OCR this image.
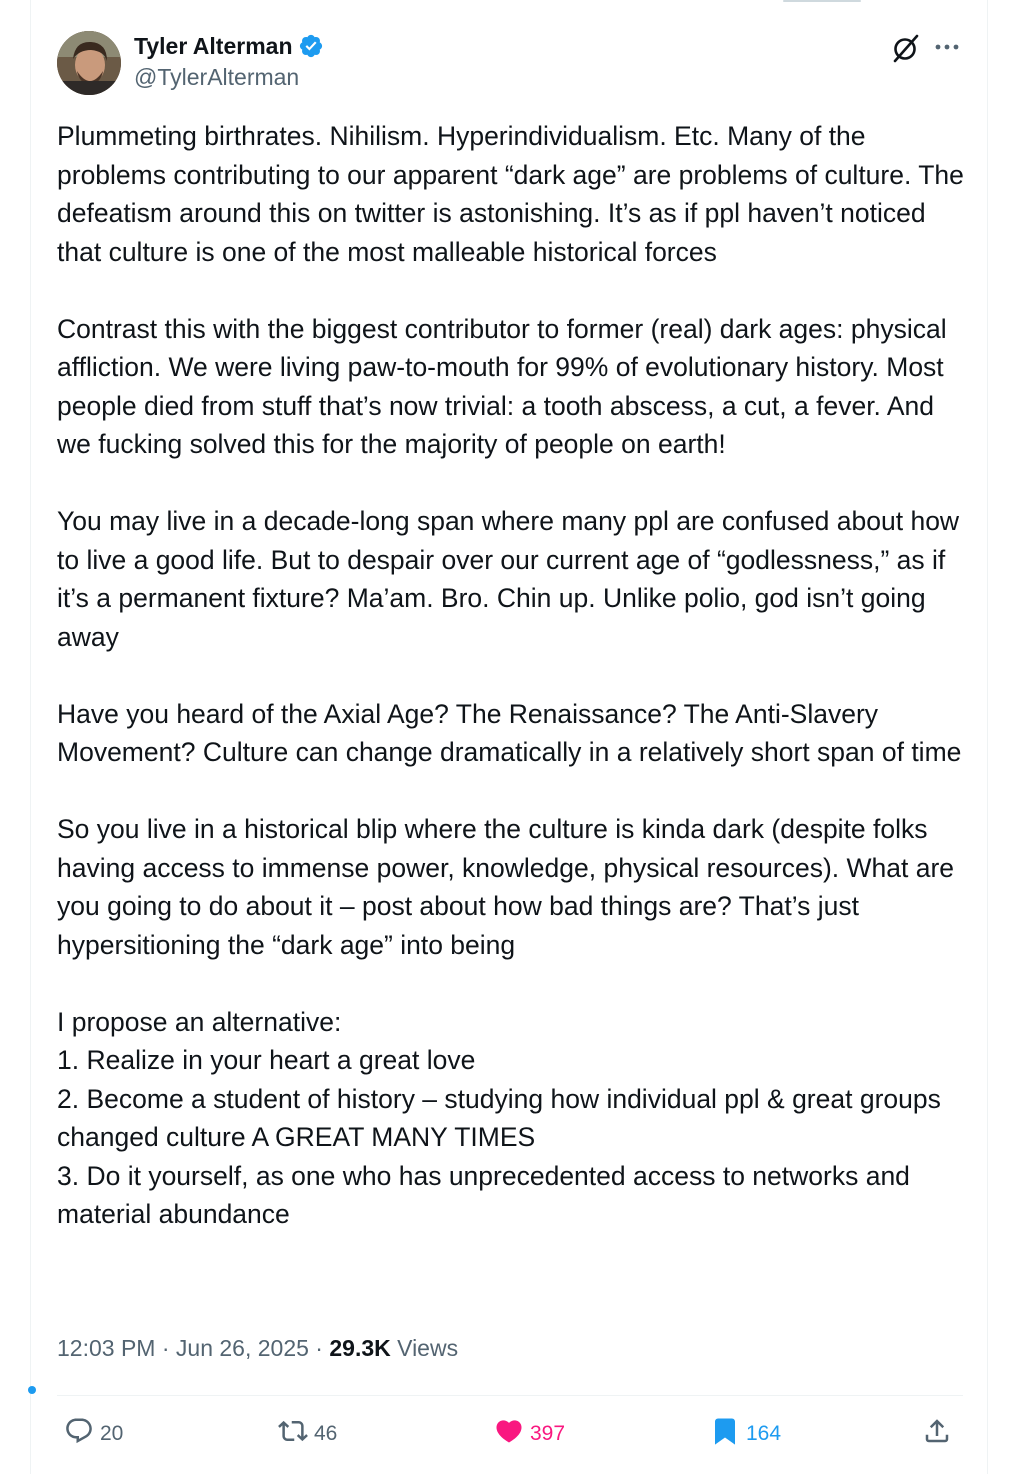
Tyler Alterman
@TylerAlterman

Plummeting birthrates. Nihilism. Hyperindividualism. Etc. Many of the problems contributing to our apparent “dark age” are problems of culture. The defeatism around this on twitter is astonishing. It’s as if ppl haven’t noticed that culture is one of the most malleable historical forces

Contrast this with the biggest contributor to former (real) dark ages: physical affliction. We were living paw-to-mouth for 99% of evolutionary history. Most people died from stuff that’s now trivial: a tooth abscess, a cut, a fever. And we fucking solved this for the majority of people on earth!

You may live in a decade-long span where many ppl are confused about how to live a good life. But to despair over our current age of “godlessness,” as if it’s a permanent fixture? Ma’am. Bro. Chin up. Unlike polio, god isn’t going away

Have you heard of the Axial Age? The Renaissance? The Anti-Slavery Movement? Culture can change dramatically in a relatively short span of time

So you live in a historical blip where the culture is kinda dark (despite folks having access to immense power, knowledge, physical resources). What are you going to do about it – post about how bad things are? That’s just hypersitioning the “dark age” into being

I propose an alternative:
1. Realize in your heart a great love
2. Become a student of history – studying how individual ppl & great groups changed culture A GREAT MANY TIMES
3. Do it yourself, as one who has unprecedented access to networks and material abundance

12:03 PM · Jun 26, 2025 · 29.3K Views
20	46	397	164
